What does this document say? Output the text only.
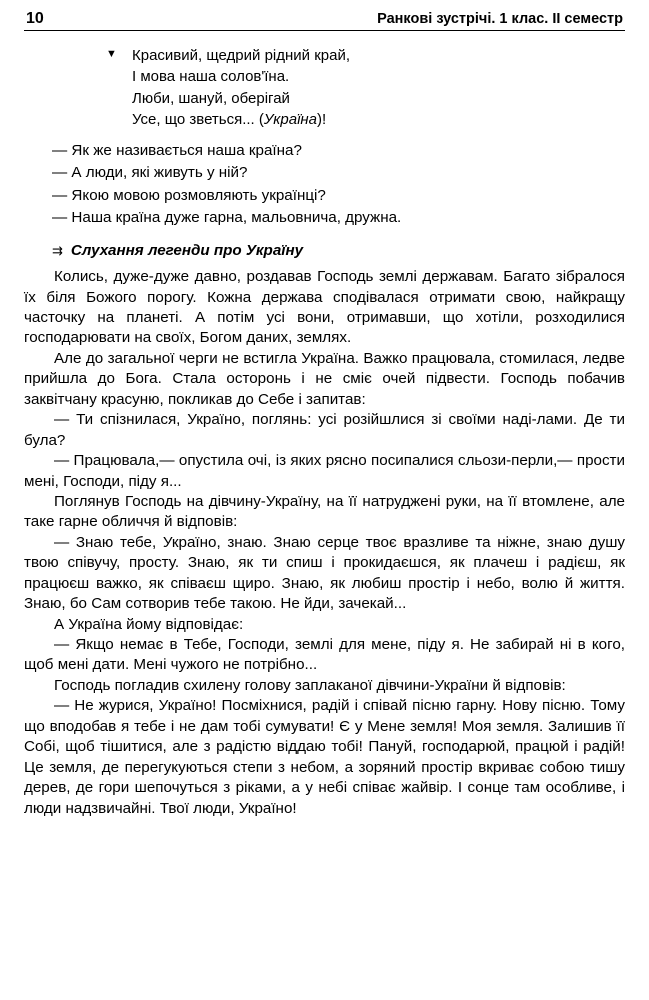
10	Ранкові зустрічі. 1 клас. II семестр
▼	Красивий, щедрий рідний край,
І мова наша солов'їна.
Люби, шануй, оберігай
Усе, що зветься... (Україна)!
— Як же називається наша країна?
— А люди, які живуть у ній?
— Якою мовою розмовляють українці?
— Наша країна дуже гарна, мальовнича, дружна.
⇉ Слухання легенди про Україну

Колись, дуже-дуже давно, роздавав Господь землі державам. Багато зібралося їх біля Божого порогу. Кожна держава сподівалася отримати свою, найкращу часточку на планеті. А потім усі вони, отримавши, що хотіли, розходилися господарювати на своїх, Богом даних, землях.

Але до загальної черги не встигла Україна. Важко працювала, стомилася, ледве прийшла до Бога. Стала осторонь і не сміє очей підвести. Господь побачив заквітчану красуню, покликав до Себе і запитав:

— Ти спізнилася, Україно, поглянь: усі розійшлися зі своїми наді-лами. Де ти була?

— Працювала,— опустила очі, із яких рясно посипалися сльози-перли,— прости мені, Господи, піду я...

Поглянув Господь на дівчину-Україну, на її натруджені руки, на її втомлене, але таке гарне обличчя й відповів:

— Знаю тебе, Україно, знаю. Знаю серце твоє вразливе та ніжне, знаю душу твою співучу, просту. Знаю, як ти спиш і прокидаєшся, як плачеш і радієш, як працюєш важко, як співаєш щиро. Знаю, як любиш простір і небо, волю й життя. Знаю, бо Сам сотворив тебе такою. Не йди, зачекай...

А Україна йому відповідає:

— Якщо немає в Тебе, Господи, землі для мене, піду я. Не забирай ні в кого, щоб мені дати. Мені чужого не потрібно...

Господь погладив схилену голову заплаканої дівчини-України й відповів:

— Не журися, Україно! Посміхнися, радій і співай пісню гарну. Нову пісню. Тому що вподобав я тебе і не дам тобі сумувати! Є у Мене земля! Моя земля. Залишив її Собі, щоб тішитися, але з радістю віддаю тобі! Пануй, господарюй, працюй і радій! Це земля, де перегукуються степи з небом, а зоряний простір вкриває собою тишу дерев, де гори шепочуться з ріками, а у небі співає жайвір. І сонце там особливе, і люди надзвичайні. Твої люди, Україно!
